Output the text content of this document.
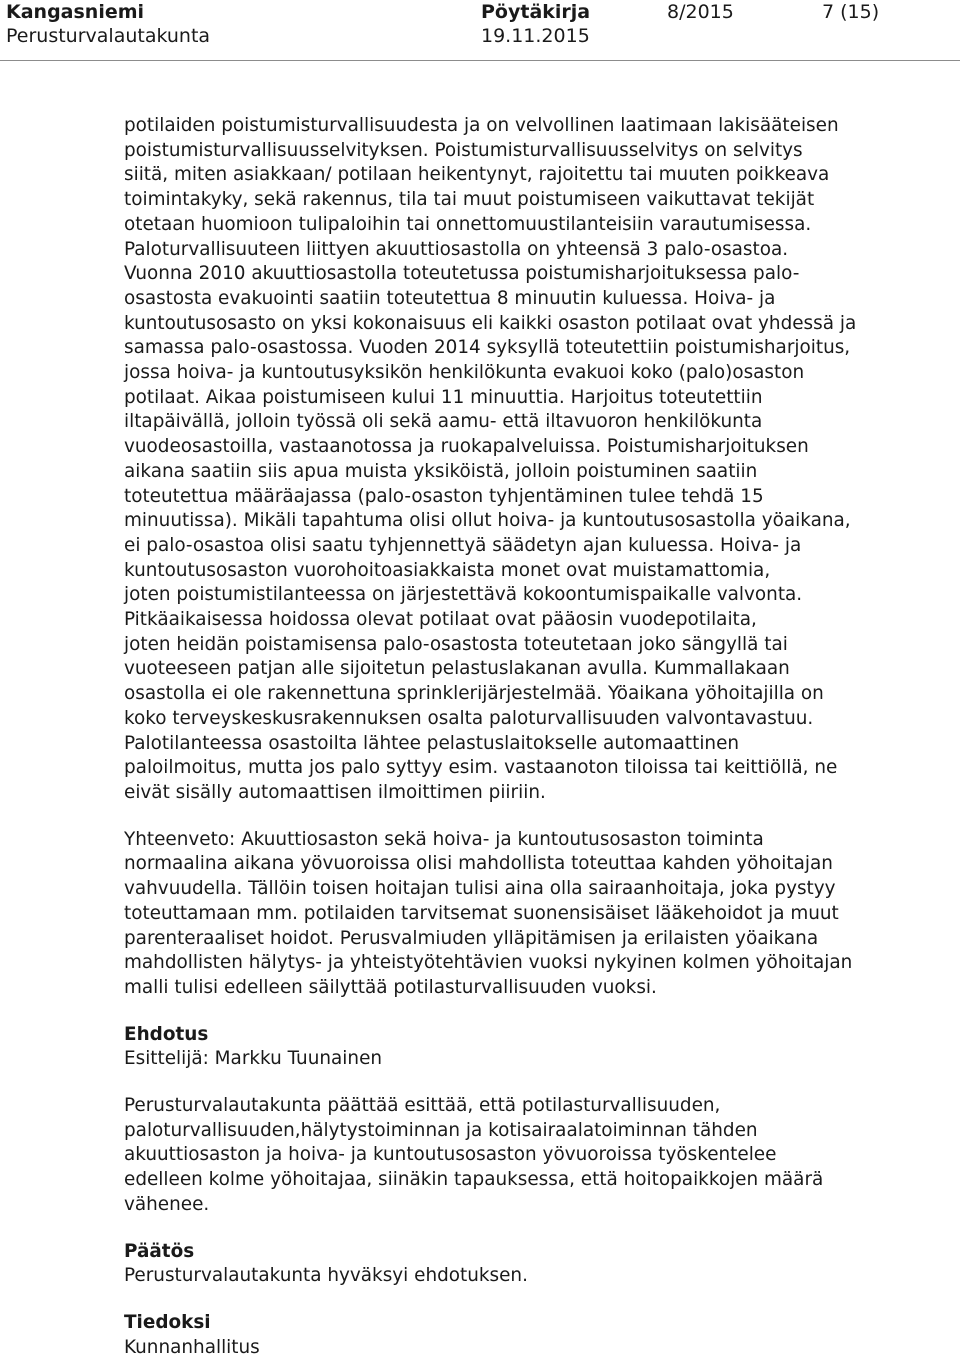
Kangasniemi
Perusturvalautakunta
Pöytäkirja
19.11.2015
8/2015	7 (15)

potilaiden poistumisturvallisuudesta ja on velvollinen laatimaan lakisääteisen
poistumisturvallisuusselvityksen. Poistumisturvallisuusselvitys on selvitys
siitä, miten asiakkaan/ potilaan heikentynyt, rajoitettu tai muuten poikkeava
toimintakyky, sekä rakennus, tila tai muut poistumiseen vaikuttavat tekijät
otetaan huomioon tulipaloihin tai onnettomuustilanteisiin varautumisessa.
Paloturvallisuuteen liittyen akuuttiosastolla on yhteensä 3 palo-osastoa.
Vuonna 2010 akuuttiosastolla toteutetussa poistumisharjoituksessa palo-
osastosta evakuointi saatiin toteutettua 8 minuutin kuluessa. Hoiva- ja
kuntoutusosasto on yksi kokonaisuus eli kaikki osaston potilaat ovat yhdessä ja
samassa palo-osastossa. Vuoden 2014 syksyllä toteutettiin poistumisharjoitus,
jossa hoiva- ja kuntoutusyksikön henkilökunta evakuoi koko (palo)osaston
potilaat. Aikaa poistumiseen kului 11 minuuttia. Harjoitus toteutettiin
iltapäivällä, jolloin työssä oli sekä aamu- että iltavuoron henkilökunta
vuodeosastoilla, vastaanotossa ja ruokapalveluissa. Poistumisharjoituksen
aikana saatiin siis apua muista yksiköistä, jolloin poistuminen saatiin
toteutettua määräajassa (palo-osaston tyhjentäminen tulee tehdä 15
minuutissa). Mikäli tapahtuma olisi ollut hoiva- ja kuntoutusosastolla yöaikana,
ei palo-osastoa olisi saatu tyhjennettyä säädetyn ajan kuluessa. Hoiva- ja
kuntoutusosaston vuorohoitoasiakkaista monet ovat muistamattomia,
joten poistumistilanteessa on järjestettävä kokoontumispaikalle valvonta.
Pitkäaikaisessa hoidossa olevat potilaat ovat pääosin vuodepotilaita,
joten heidän poistamisensa palo-osastosta toteutetaan joko sängyllä tai
vuoteeseen patjan alle sijoitetun pelastuslakanan avulla. Kummallakaan
osastolla ei ole rakennettuna sprinklerijärjestelmää. Yöaikana yöhoitajilla on
koko terveyskeskusrakennuksen osalta paloturvallisuuden valvontavastuu.
Palotilanteessa osastoilta lähtee pelastuslaitokselle automaattinen
paloilmoitus, mutta jos palo syttyy esim. vastaanoton tiloissa tai keittiöllä, ne
eivät sisälly automaattisen ilmoittimen piiriin.

Yhteenveto: Akuuttiosaston sekä hoiva- ja kuntoutusosaston toiminta
normaalina aikana yövuoroissa olisi mahdollista toteuttaa kahden yöhoitajan
vahvuudella. Tällöin toisen hoitajan tulisi aina olla sairaanhoitaja, joka pystyy
toteuttamaan mm. potilaiden tarvitsemat suonensisäiset lääkehoidot ja muut
parenteraaliset hoidot. Perusvalmiuden ylläpitämisen ja erilaisten yöaikana
mahdollisten hälytys- ja yhteistyötehtävien vuoksi nykyinen kolmen yöhoitajan
malli tulisi edelleen säilyttää potilasturvallisuuden vuoksi.

Ehdotus
Esittelijä: Markku Tuunainen

Perusturvalautakunta päättää esittää, että potilasturvallisuuden,
paloturvallisuuden,hälytystoiminnan ja kotisairaalatoiminnan tähden
akuuttiosaston ja hoiva- ja kuntoutusosaston yövuoroissa työskentelee
edelleen kolme yöhoitajaa, siinäkin tapauksessa, että hoitopaikkojen määrä
vähenee.

Päätös
Perusturvalautakunta hyväksyi ehdotuksen.

Tiedoksi
Kunnanhallitus
